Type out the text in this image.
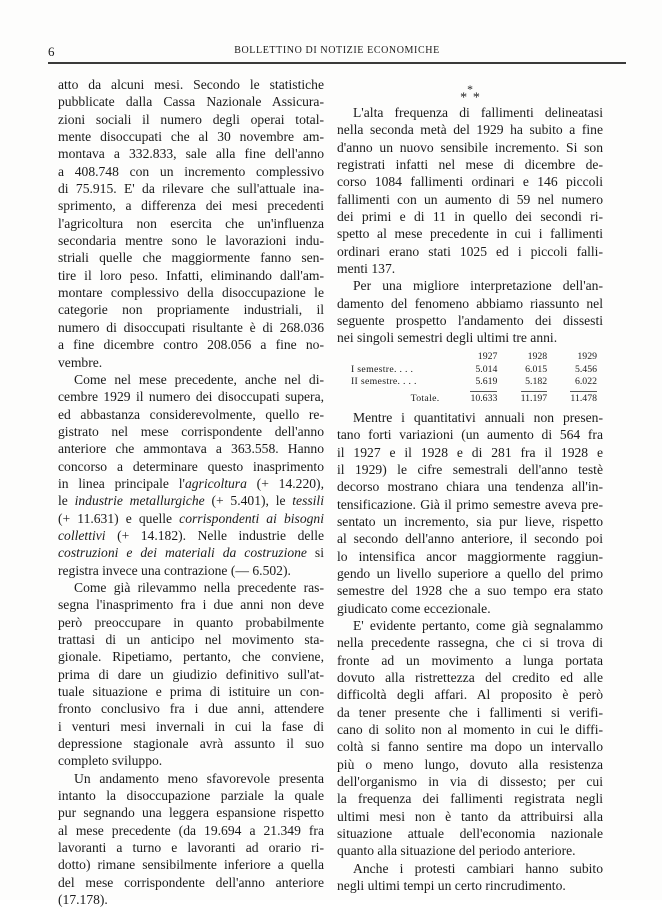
6	BOLLETTINO DI NOTIZIE ECONOMICHE
atto da alcuni mesi. Secondo le statistiche
pubblicate dalla Cassa Nazionale Assicura-
zioni sociali il numero degli operai total-
mente disoccupati che al 30 novembre am-
montava a 332.833, sale alla fine dell'anno
a 408.748 con un incremento complessivo
di 75.915. E' da rilevare che sull'attuale ina-
sprimento, a differenza dei mesi precedenti
l'agricoltura non esercita che un'influenza
secondaria mentre sono le lavorazioni indu-
striali quelle che maggiormente fanno sen-
tire il loro peso. Infatti, eliminando dall'am-
montare complessivo della disoccupazione le
categorie non propriamente industriali, il
numero di disoccupati risultante è di 268.036
a fine dicembre contro 208.056 a fine no-
vembre.
Come nel mese precedente, anche nel di-
cembre 1929 il numero dei disoccupati supera,
ed abbastanza considerevolmente, quello re-
gistrato nel mese corrispondente dell'anno
anteriore che ammontava a 363.558. Hanno
concorso a determinare questo inasprimento
in linea principale l'agricoltura (+ 14.220),
le industrie metallurgiche (+ 5.401), le tessili
(+ 11.631) e quelle corrispondenti ai bisogni
collettivi (+ 14.182). Nelle industrie delle
costruzioni e dei materiali da costruzione si
registra invece una contrazione (— 6.502).
Come già rilevammo nella precedente ras-
segna l'inasprimento fra i due anni non deve
però preoccupare in quanto probabilmente
trattasi di un anticipo nel movimento sta-
gionale. Ripetiamo, pertanto, che conviene,
prima di dare un giudizio definitivo sull'at-
tuale situazione e prima di istituire un con-
fronto conclusivo fra i due anni, attendere
i venturi mesi invernali in cui la fase di
depressione stagionale avrà assunto il suo
completo sviluppo.
Un andamento meno sfavorevole presenta
intanto la disoccupazione parziale la quale
pur segnando una leggera espansione rispetto
al mese precedente (da 19.694 a 21.349 fra
lavoranti a turno e lavoranti ad orario ri-
dotto) rimane sensibilmente inferiore a quella
del mese corrispondente dell'anno anteriore
(17.178).
***
L'alta frequenza di fallimenti delineatasi
nella seconda metà del 1929 ha subito a fine
d'anno un nuovo sensibile incremento. Si son
registrati infatti nel mese di dicembre de-
corso 1084 fallimenti ordinari e 146 piccoli
fallimenti con un aumento di 59 nel numero
dei primi e di 11 in quello dei secondi ri-
spetto al mese precedente in cui i fallimenti
ordinari erano stati 1025 ed i piccoli falli-
menti 137.
Per una migliore interpretazione dell'an-
damento del fenomeno abbiamo riassunto nel
seguente prospetto l'andamento dei dissesti
nei singoli semestri degli ultimi tre anni.
	1927	1928	1929
I semestre. . . .	5.014	6.015	5.456
II semestre. . . .	5.619	5.182	6.022
Totale.	10.633	11.197	11.478
Mentre i quantitativi annuali non presen-
tano forti variazioni (un aumento di 564 fra
il 1927 e il 1928 e di 281 fra il 1928 e
il 1929) le cifre semestrali dell'anno testè
decorso mostrano chiara una tendenza all'in-
tensificazione. Già il primo semestre aveva pre-
sentato un incremento, sia pur lieve, rispetto
al secondo dell'anno anteriore, il secondo poi
lo intensifica ancor maggiormente raggiun-
gendo un livello superiore a quello del primo
semestre del 1928 che a suo tempo era stato
giudicato come eccezionale.
E' evidente pertanto, come già segnalammo
nella precedente rassegna, che ci si trova di
fronte ad un movimento a lunga portata
dovuto alla ristrettezza del credito ed alle
difficoltà degli affari. Al proposito è però
da tener presente che i fallimenti si verifi-
cano di solito non al momento in cui le diffi-
coltà si fanno sentire ma dopo un intervallo
più o meno lungo, dovuto alla resistenza
dell'organismo in via di dissesto; per cui
la frequenza dei fallimenti registrata negli
ultimi mesi non è tanto da attribuirsi alla
situazione attuale dell'economia nazionale
quanto alla situazione del periodo anteriore.
Anche i protesti cambiari hanno subito
negli ultimi tempi un certo rincrudimento.
